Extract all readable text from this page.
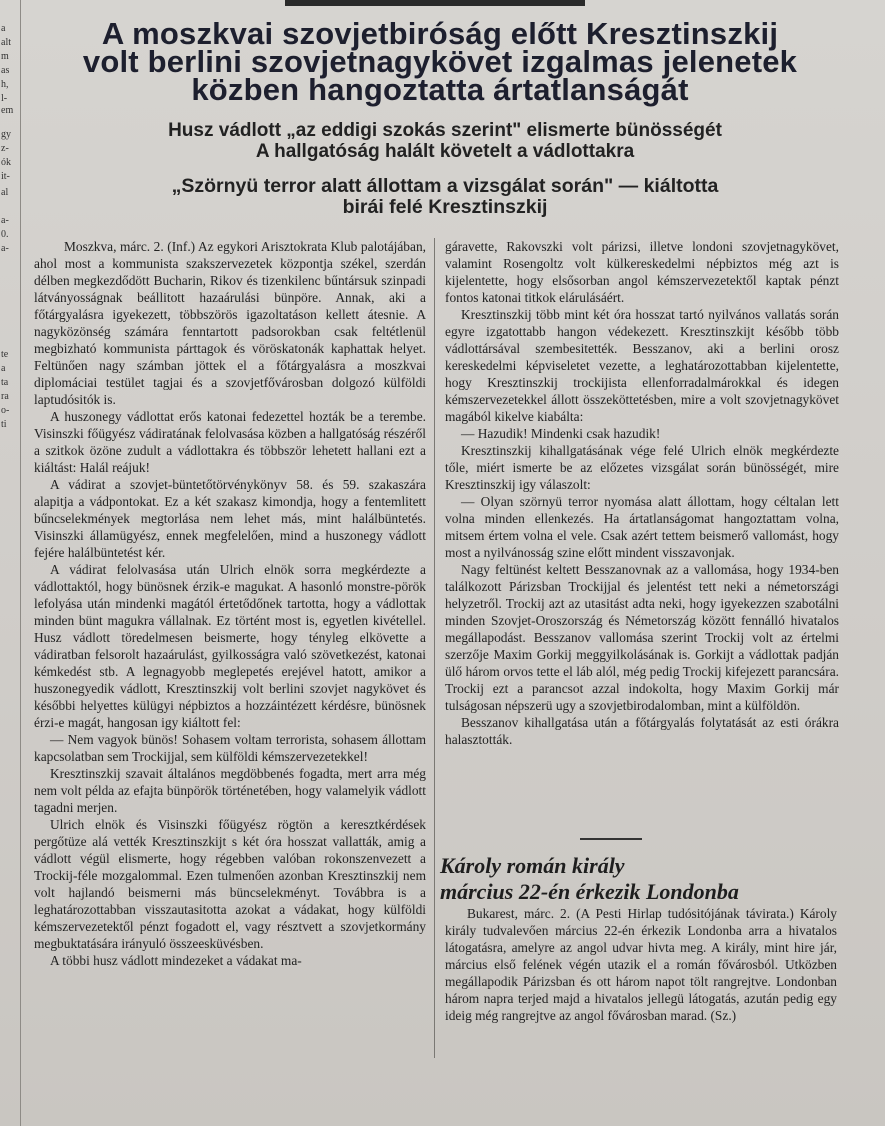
a
alt
m
as
h,
l-
em
gy
z-
ók
it-
al
a-
0.
a-
te
a
ta
ra
o-
ti
A moszkvai szovjetbiróság előtt Kresztinszkij
volt berlini szovjetnagykövet izgalmas jelenetek
közben hangoztatta ártatlanságát
Husz vádlott „az eddigi szokás szerint" elismerte bünösségét
A hallgatóság halált követelt a vádlottakra
„Szörnyü terror alatt állottam a vizsgálat során" — kiáltotta
birái felé Kresztinszkij

Moszkva, márc. 2. (Inf.) Az egykori Arisztokrata Klub palotájában, ahol most a kommunista szakszervezetek központja székel, szerdán délben megkezdődött Bucharin, Rikov és tizenkilenc bűntársuk szinpadi látványosságnak beállitott hazaárulási bünpöre. Annak, aki a főtárgyalásra igyekezett, többszörös igazoltatáson kellett átesnie. A nagyközönség számára fenntartott padsorokban csak feltétlenül megbizható kommunista párttagok és vöröskatonák kaphattak helyet. Feltünően nagy számban jöttek el a főtárgyalásra a moszkvai diplomáciai testület tagjai és a szovjetfővárosban dolgozó külföldi laptudósitók is.

A huszonegy vádlottat erős katonai fedezettel hozták be a terembe. Visinszki főügyész vádiratának felolvasása közben a hallgatóság részéről a szitkok özöne zudult a vádlottakra és többször lehetett hallani ezt a kiáltást: Halál reájuk!

A vádirat a szovjet-büntetőtörvénykönyv 58. és 59. szakaszára alapitja a vádpontokat. Ez a két szakasz kimondja, hogy a fentemlitett bűncselekmények megtorlása nem lehet más, mint halálbüntetés. Visinszki államügyész, ennek megfelelően, mind a huszonegy vádlott fejére halálbüntetést kér.

A vádirat felolvasása után Ulrich elnök sorra megkérdezte a vádlottaktól, hogy bünösnek érzik-e magukat. A hasonló monstre-pörök lefolyása után mindenki magától értetődőnek tartotta, hogy a vádlottak minden bünt magukra vállalnak. Ez történt most is, egyetlen kivétellel. Husz vádlott töredelmesen beismerte, hogy tényleg elkövette a vádiratban felsorolt hazaárulást, gyilkosságra való szövetkezést, katonai kémkedést stb. A legnagyobb meglepetés erejével hatott, amikor a huszonegyedik vádlott, Kresztinszkij volt berlini szovjet nagykövet és későbbi helyettes külügyi népbiztos a hozzáintézett kérdésre, bünösnek érzi-e magát, hangosan igy kiáltott fel:

— Nem vagyok bünös! Sohasem voltam terrorista, sohasem állottam kapcsolatban sem Trockijjal, sem külföldi kémszervezetekkel!

Kresztinszkij szavait általános megdöbbenés fogadta, mert arra még nem volt példa az efajta bünpörök történetében, hogy valamelyik vádlott tagadni merjen.

Ulrich elnök és Visinszki főügyész rögtön a keresztkérdések pergőtüze alá vették Kresztinszkijt s két óra hosszat vallatták, amig a vádlott végül elismerte, hogy régebben valóban rokonszenvezett a Trockij-féle mozgalommal. Ezen tulmenően azonban Kresztinszkij nem volt hajlandó beismerni más büncselekményt. Továbbra is a leghatározottabban visszautasitotta azokat a vádakat, hogy külföldi kémszervezetektől pénzt fogadott el, vagy résztvett a szovjetkormány megbuktatására irányuló összeesküvésben.

A többi husz vádlott mindezeket a vádakat ma-

gáravette, Rakovszki volt párizsi, illetve londoni szovjetnagykövet, valamint Rosengoltz volt külkereskedelmi népbiztos még azt is kijelentette, hogy elsősorban angol kémszervezetektől kaptak pénzt fontos katonai titkok elárulásáért.

Kresztinszkij több mint két óra hosszat tartó nyilvános vallatás során egyre izgatottabb hangon védekezett. Kresztinszkijt később több vádlottársával szembesitették. Besszanov, aki a berlini orosz kereskedelmi képviseletet vezette, a leghatározottabban kijelentette, hogy Kresztinszkij trockijista ellenforradalmárokkal és idegen kémszervezetekkel állott összeköttetésben, mire a volt szovjetnagykövet magából kikelve kiabálta:

— Hazudik! Mindenki csak hazudik!

Kresztinszkij kihallgatásának vége felé Ulrich elnök megkérdezte tőle, miért ismerte be az előzetes vizsgálat során bünösségét, mire Kresztinszkij igy válaszolt:

— Olyan szörnyü terror nyomása alatt állottam, hogy céltalan lett volna minden ellenkezés. Ha ártatlanságomat hangoztattam volna, mitsem értem volna el vele. Csak azért tettem beismerő vallomást, hogy most a nyilvánosság szine előtt mindent visszavonjak.

Nagy feltünést keltett Besszanovnak az a vallomása, hogy 1934-ben találkozott Párizsban Trockijjal és jelentést tett neki a németországi helyzetről. Trockij azt az utasitást adta neki, hogy igyekezzen szabotálni minden Szovjet-Oroszország és Németország között fennálló hivatalos megállapodást. Besszanov vallomása szerint Trockij volt az értelmi szerzője Maxim Gorkij meggyilkolásának is. Gorkijt a vádlottak padján ülő három orvos tette el láb alól, még pedig Trockij kifejezett parancsára. Trockij ezt a parancsot azzal indokolta, hogy Maxim Gorkij már tulságosan népszerü ugy a szovjetbirodalomban, mint a külföldön.

Besszanov kihallgatása után a főtárgyalás folytatását az esti órákra halasztották.

Károly román király
március 22-én érkezik Londonba

Bukarest, márc. 2. (A Pesti Hirlap tudósitójának távirata.) Károly király tudvalevően március 22-én érkezik Londonba arra a hivatalos látogatásra, amelyre az angol udvar hivta meg. A király, mint hire jár, március első felének végén utazik el a román fővárosból. Utközben megállapodik Párizsban és ott három napot tölt rangrejtve. Londonban három napra terjed majd a hivatalos jellegü látogatás, azután pedig egy ideig még rangrejtve az angol fővárosban marad. (Sz.)
